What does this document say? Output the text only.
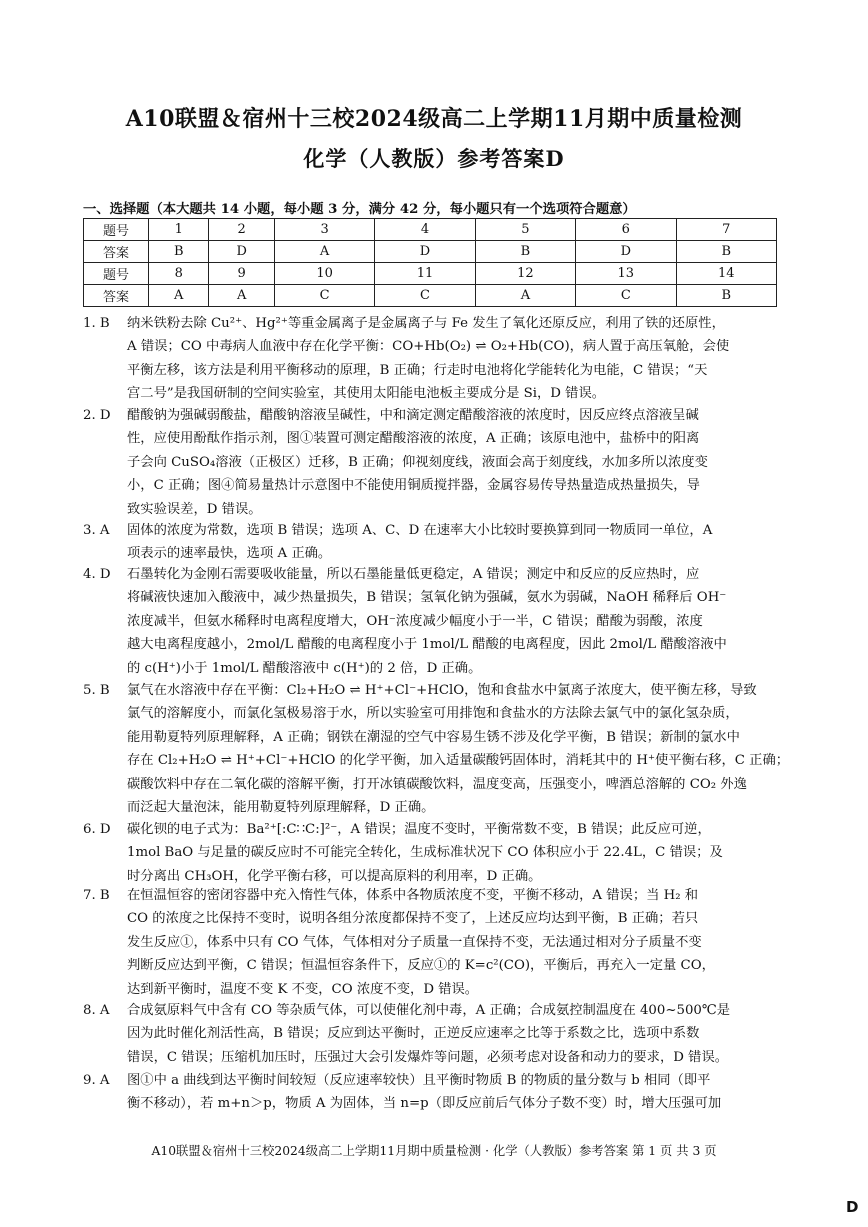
A10联盟＆宿州十三校2024级高二上学期11月期中质量检测
化学（人教版）参考答案D
一、选择题（本大题共 14 小题，每小题 3 分，满分 42 分，每小题只有一个选项符合题意）
题号	1	2	3	4	5	6	7
答案	B	D	A	D	B	D	B
题号	8	9	10	11	12	13	14
答案	A	A	C	C	A	C	B
1. B	纳米铁粉去除 Cu²⁺、Hg²⁺等重金属离子是金属离子与 Fe 发生了氧化还原反应，利用了铁的还原性，
A 错误；CO 中毒病人血液中存在化学平衡：CO+Hb(O₂) ⇌ O₂+Hb(CO)，病人置于高压氧舱，会使
平衡左移，该方法是利用平衡移动的原理，B 正确；行走时电池将化学能转化为电能，C 错误；“天
宫二号”是我国研制的空间实验室，其使用太阳能电池板主要成分是 Si，D 错误。
2. D	醋酸钠为强碱弱酸盐，醋酸钠溶液呈碱性，中和滴定测定醋酸溶液的浓度时，因反应终点溶液呈碱
性，应使用酚酞作指示剂，图①装置可测定醋酸溶液的浓度，A 正确；该原电池中，盐桥中的阳离
子会向 CuSO₄溶液（正极区）迁移，B 正确；仰视刻度线，液面会高于刻度线，水加多所以浓度变
小，C 正确；图④简易量热计示意图中不能使用铜质搅拌器，金属容易传导热量造成热量损失，导
致实验误差，D 错误。
3. A	固体的浓度为常数，选项 B 错误；选项 A、C、D 在速率大小比较时要换算到同一物质同一单位，A
项表示的速率最快，选项 A 正确。
4. D	石墨转化为金刚石需要吸收能量，所以石墨能量低更稳定，A 错误；测定中和反应的反应热时，应
将碱液快速加入酸液中，减少热量损失，B 错误；氢氧化钠为强碱，氨水为弱碱，NaOH 稀释后 OH⁻
浓度减半，但氨水稀释时电离程度增大，OH⁻浓度减少幅度小于一半，C 错误；醋酸为弱酸，浓度
越大电离程度越小，2mol/L 醋酸的电离程度小于 1mol/L 醋酸的电离程度，因此 2mol/L 醋酸溶液中
的 c(H⁺)小于 1mol/L 醋酸溶液中 c(H⁺)的 2 倍，D 正确。
5. B	氯气在水溶液中存在平衡：Cl₂+H₂O ⇌ H⁺+Cl⁻+HClO，饱和食盐水中氯离子浓度大，使平衡左移，导致
氯气的溶解度小，而氯化氢极易溶于水，所以实验室可用排饱和食盐水的方法除去氯气中的氯化氢杂质，
能用勒夏特列原理解释，A 正确；钢铁在潮湿的空气中容易生锈不涉及化学平衡，B 错误；新制的氯水中
存在 Cl₂+H₂O ⇌ H⁺+Cl⁻+HClO 的化学平衡，加入适量碳酸钙固体时，消耗其中的 H⁺使平衡右移，C 正确；
碳酸饮料中存在二氧化碳的溶解平衡，打开冰镇碳酸饮料，温度变高，压强变小，啤酒总溶解的 CO₂ 外逸
而泛起大量泡沫，能用勒夏特列原理解释，D 正确。
6. D	碳化钡的电子式为：Ba²⁺[:C∷C:]²⁻，A 错误；温度不变时，平衡常数不变，B 错误；此反应可逆，
1mol BaO 与足量的碳反应时不可能完全转化，生成标准状况下 CO 体积应小于 22.4L，C 错误；及
时分离出 CH₃OH，化学平衡右移，可以提高原料的利用率，D 正确。
7. B	在恒温恒容的密闭容器中充入惰性气体，体系中各物质浓度不变，平衡不移动，A 错误；当 H₂ 和
CO 的浓度之比保持不变时，说明各组分浓度都保持不变了，上述反应均达到平衡，B 正确；若只
发生反应①，体系中只有 CO 气体，气体相对分子质量一直保持不变，无法通过相对分子质量不变
判断反应达到平衡，C 错误；恒温恒容条件下，反应①的 K=c²(CO)，平衡后，再充入一定量 CO，
达到新平衡时，温度不变 K 不变，CO 浓度不变，D 错误。
8. A	合成氨原料气中含有 CO 等杂质气体，可以使催化剂中毒，A 正确；合成氨控制温度在 400~500℃是
因为此时催化剂活性高，B 错误；反应到达平衡时，正逆反应速率之比等于系数之比，选项中系数
错误，C 错误；压缩机加压时，压强过大会引发爆炸等问题，必须考虑对设备和动力的要求，D 错误。
9. A	图①中 a 曲线到达平衡时间较短（反应速率较快）且平衡时物质 B 的物质的量分数与 b 相同（即平
衡不移动），若 m+n＞p，物质 A 为固体，当 n=p（即反应前后气体分子数不变）时，增大压强可加
A10联盟＆宿州十三校2024级高二上学期11月期中质量检测 · 化学（人教版）参考答案 第 1 页 共 3 页
D
